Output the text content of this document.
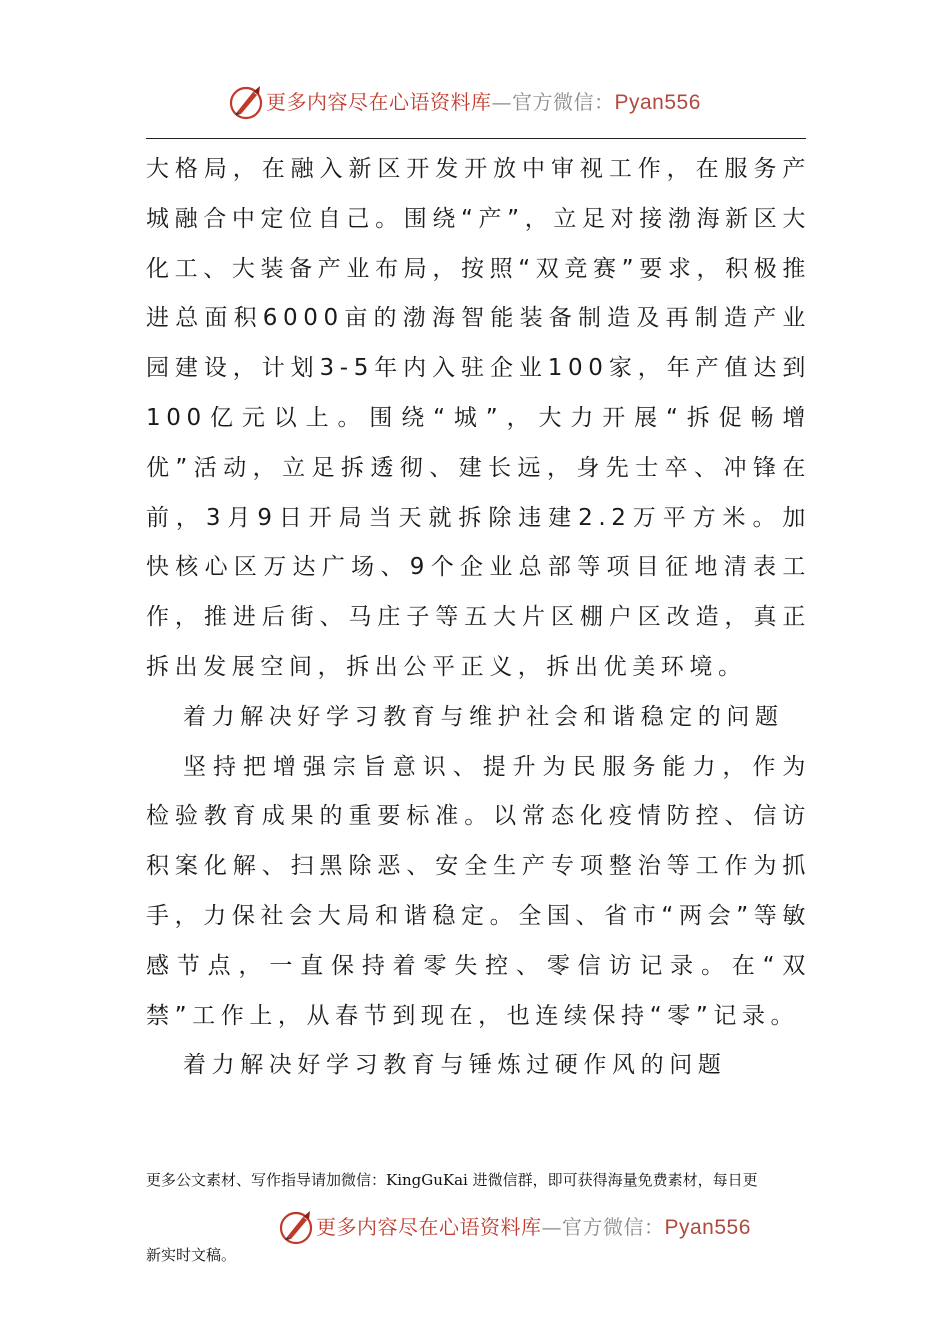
更多内容尽在心语资料库—官方微信：Pyan556

大格局，在融入新区开发开放中审视工作，在服务产城融合中定位自己。围绕“产”，立足对接渤海新区大化工、大装备产业布局，按照“双竞赛”要求，积极推进总面积6000亩的渤海智能装备制造及再制造产业园建设，计划3-5年内入驻企业100家，年产值达到100亿元以上。围绕“城”，大力开展“拆促畅增优”活动，立足拆透彻、建长远，身先士卒、冲锋在前，3月9日开局当天就拆除违建2.2万平方米。加快核心区万达广场、9个企业总部等项目征地清表工作，推进后街、马庄子等五大片区棚户区改造，真正拆出发展空间，拆出公平正义，拆出优美环境。

着力解决好学习教育与维护社会和谐稳定的问题

坚持把增强宗旨意识、提升为民服务能力，作为检验教育成果的重要标准。以常态化疫情防控、信访积案化解、扫黑除恶、安全生产专项整治等工作为抓手，力保社会大局和谐稳定。全国、省市“两会”等敏感节点，一直保持着零失控、零信访记录。在“双禁”工作上，从春节到现在，也连续保持“零”记录。

着力解决好学习教育与锤炼过硬作风的问题

更多公文素材、写作指导请加微信：KingGuKai 进微信群，即可获得海量免费素材，每日更
更多内容尽在心语资料库—官方微信：Pyan556
新实时文稿。
